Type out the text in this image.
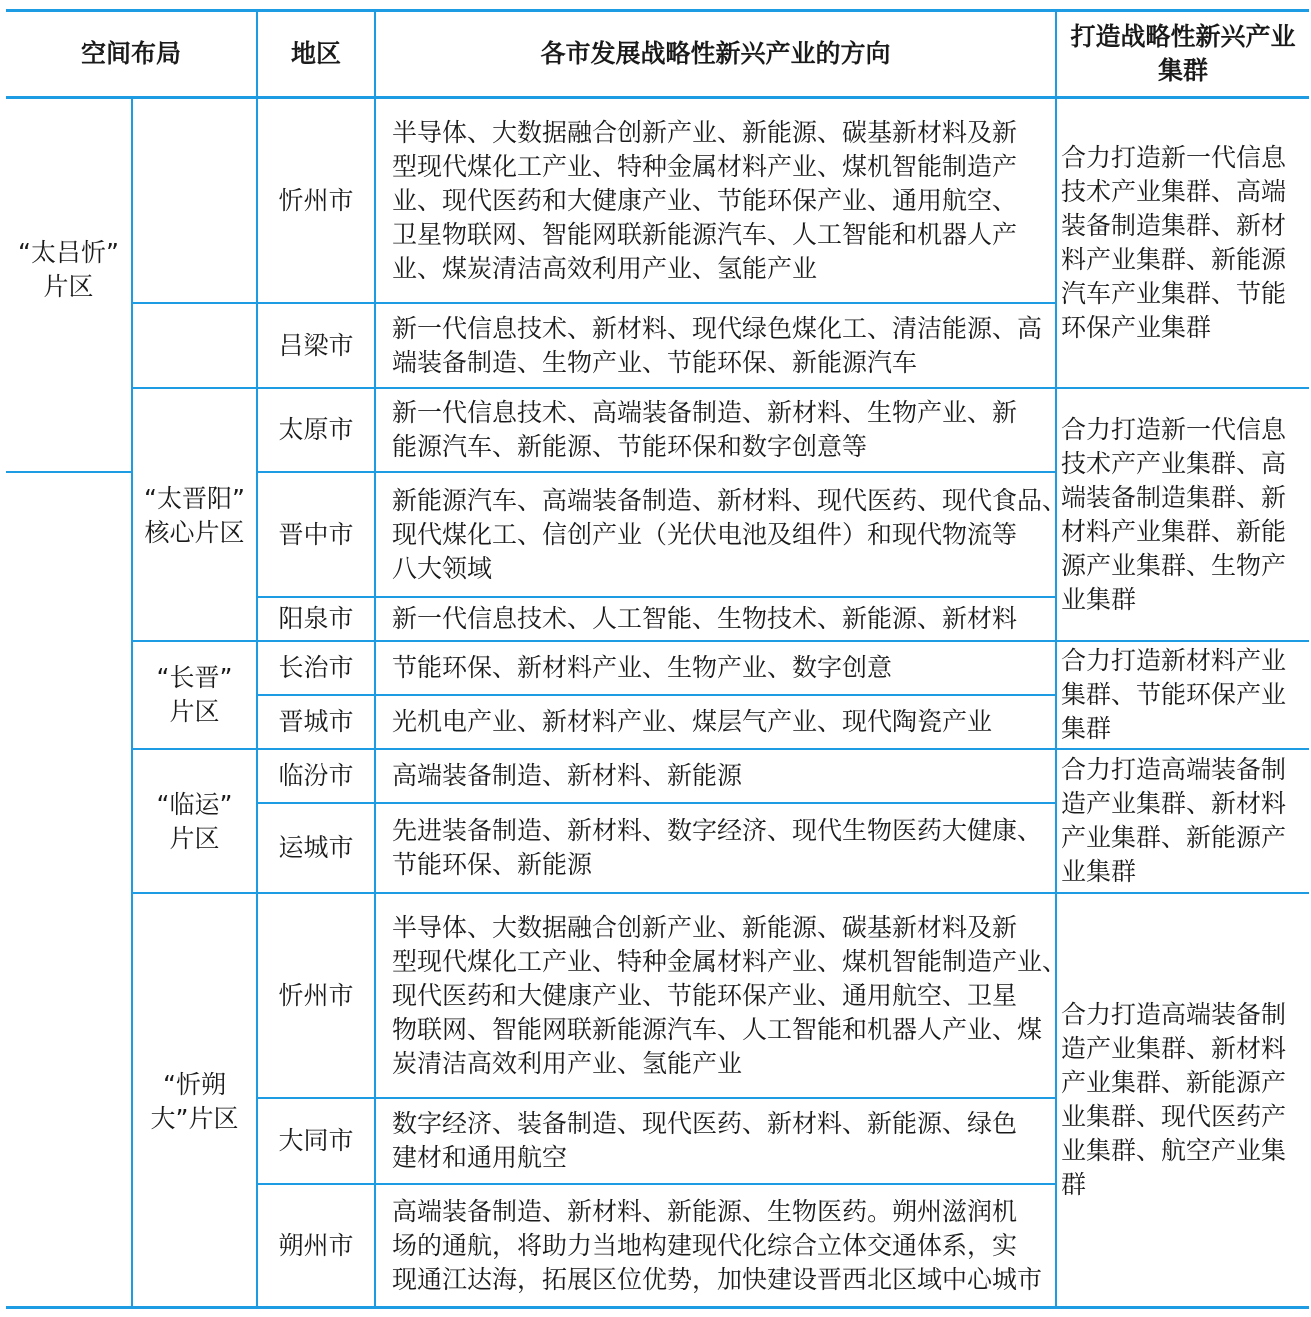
空间布局	地区	各市发展战略性新兴产业的方向
打造战略性新兴产业
集群
“太吕忻”
片区
“太晋阳”
核心片区
“长晋”
片区
“临运”
片区
“忻朔
大”片区
忻州市
吕梁市
太原市
晋中市
阳泉市
长治市
晋城市
临汾市
运城市
忻州市
大同市
朔州市
半导体、大数据融合创新产业、新能源、碳基新材料及新
型现代煤化工产业、特种金属材料产业、煤机智能制造产
业、现代医药和大健康产业、节能环保产业、通用航空、
卫星物联网、智能网联新能源汽车、人工智能和机器人产
业、煤炭清洁高效利用产业、氢能产业
新一代信息技术、新材料、现代绿色煤化工、清洁能源、高
端装备制造、生物产业、节能环保、新能源汽车
新一代信息技术、高端装备制造、新材料、生物产业、新
能源汽车、新能源、节能环保和数字创意等
新能源汽车、高端装备制造、新材料、现代医药、现代食品、
现代煤化工、信创产业（光伏电池及组件）和现代物流等
八大领域
新一代信息技术、人工智能、生物技术、新能源、新材料
节能环保、新材料产业、生物产业、数字创意
光机电产业、新材料产业、煤层气产业、现代陶瓷产业
高端装备制造、新材料、新能源
先进装备制造、新材料、数字经济、现代生物医药大健康、
节能环保、新能源
半导体、大数据融合创新产业、新能源、碳基新材料及新
型现代煤化工产业、特种金属材料产业、煤机智能制造产业、
现代医药和大健康产业、节能环保产业、通用航空、卫星
物联网、智能网联新能源汽车、人工智能和机器人产业、煤
炭清洁高效利用产业、氢能产业
数字经济、装备制造、现代医药、新材料、新能源、绿色
建材和通用航空
高端装备制造、新材料、新能源、生物医药。朔州滋润机
场的通航，将助力当地构建现代化综合立体交通体系，实
现通江达海，拓展区位优势，加快建设晋西北区域中心城市
合力打造新一代信息
技术产业集群、高端
装备制造集群、新材
料产业集群、新能源
汽车产业集群、节能
环保产业集群
合力打造新一代信息
技术产产业集群、高
端装备制造集群、新
材料产业集群、新能
源产业集群、生物产
业集群
合力打造新材料产业
集群、节能环保产业
集群
合力打造高端装备制
造产业集群、新材料
产业集群、新能源产
业集群
合力打造高端装备制
造产业集群、新材料
产业集群、新能源产
业集群、现代医药产
业集群、航空产业集
群
